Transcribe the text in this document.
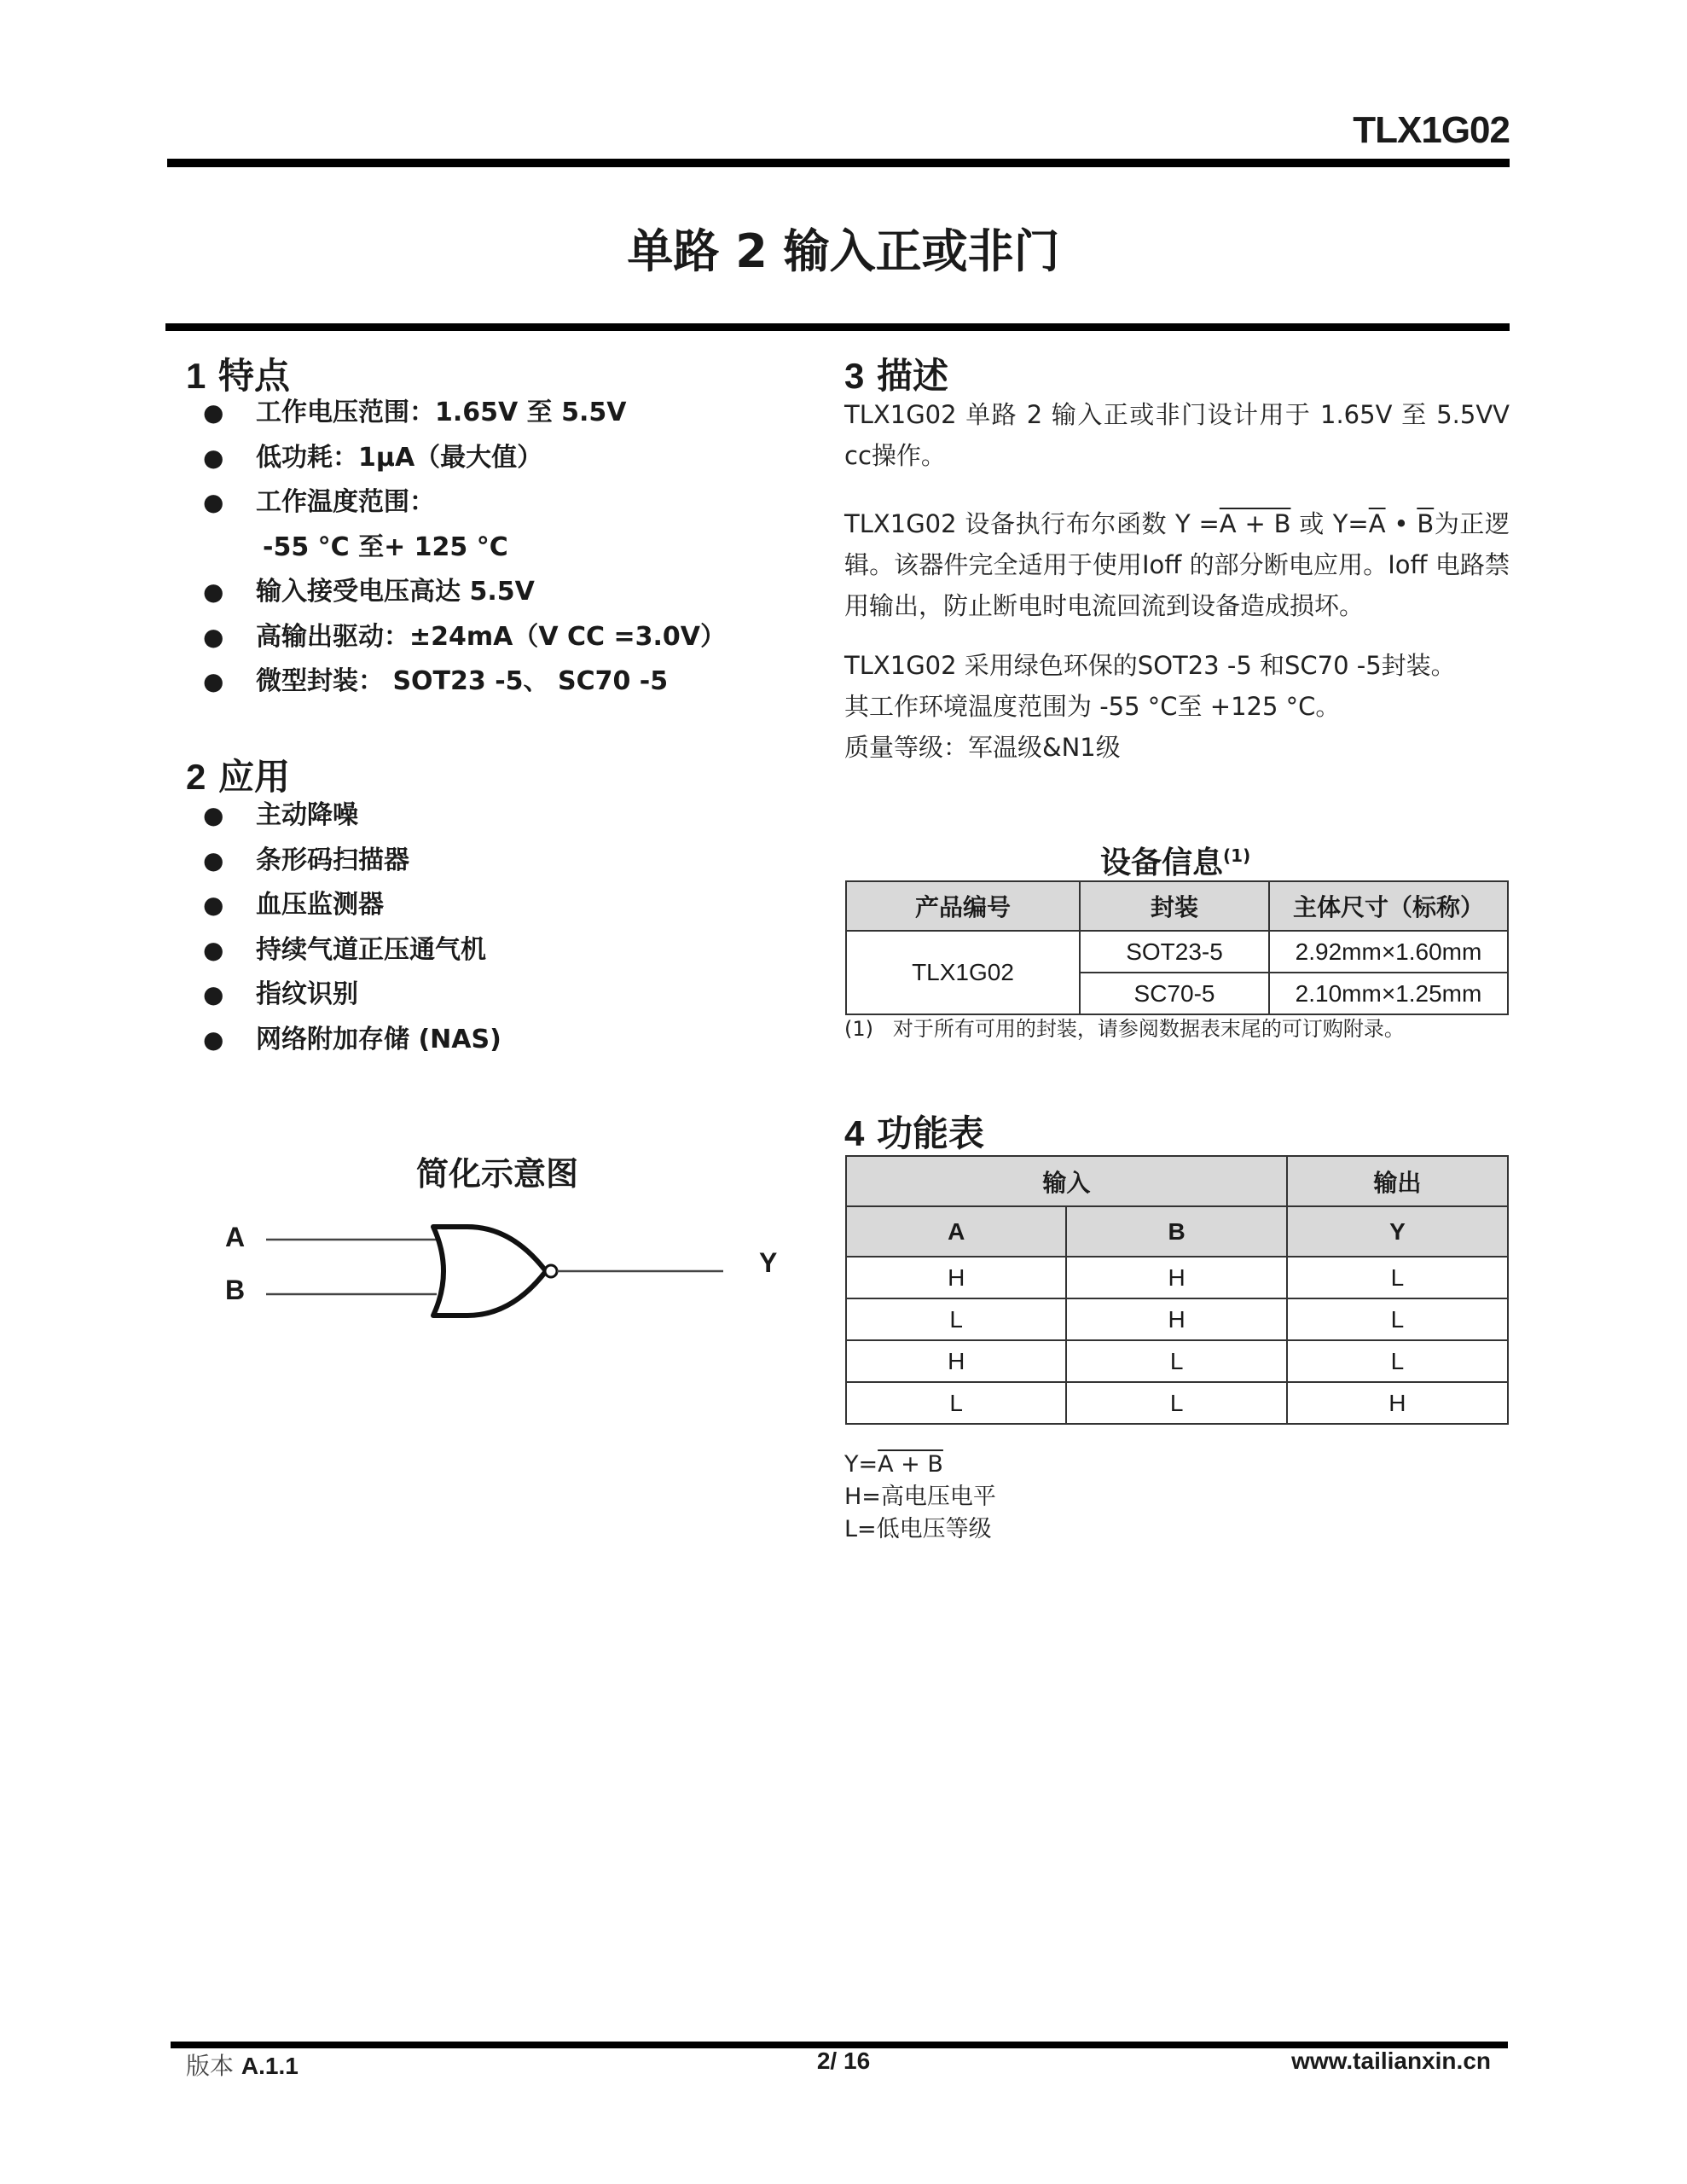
TLX1G02
单路 2 输入正或非门
1 特点
● 工作电压范围：1.65V 至 5.5V
● 低功耗：1μA（最大值）
● 工作温度范围：
-55 °C 至+ 125 °C
● 输入接受电压高达 5.5V
● 高输出驱动：±24mA（V CC =3.0V）
● 微型封装： SOT23 -5、 SC70 -5
2 应用
● 主动降噪
● 条形码扫描器
● 血压监测器
● 持续气道正压通气机
● 指纹识别
● 网络附加存储 (NAS)
简化示意图
A
B
Y
3 描述
TLX1G02 单路 2 输入正或非门设计用于 1.65V 至 5.5VV cc操作。
TLX1G02 设备执行布尔函数 Y =A + B 或 $Y=\overline{A}$ • $\overline{B}$为正逻辑。该器件完全适用于使用Ioff 的部分断电应用。Ioff 电路禁用输出，防止断电时电流回流到设备造成损坏。
TLX1G02 采用绿色环保的SOT23 -5 和SC70 -5封装。
其工作环境温度范围为 -55 °C至 +125 °C。
质量等级：军温级&N1级
设备信息$^{(1)}$
产品编号	封装	主体尺寸（标称）
TLX1G02	SOT23-5	2.92mm×1.60mm
	SC70-5	2.10mm×1.25mm
(1) 对于所有可用的封装，请参阅数据表末尾的可订购附录。
4 功能表
输入		输出
A	B	Y
H	H	L
L	H	L
H	L	L
L	L	H
Y=A + B
H=高电压电平
L=低电压等级
版本 A.1.1	2/ 16	www.tailianxin.cn
